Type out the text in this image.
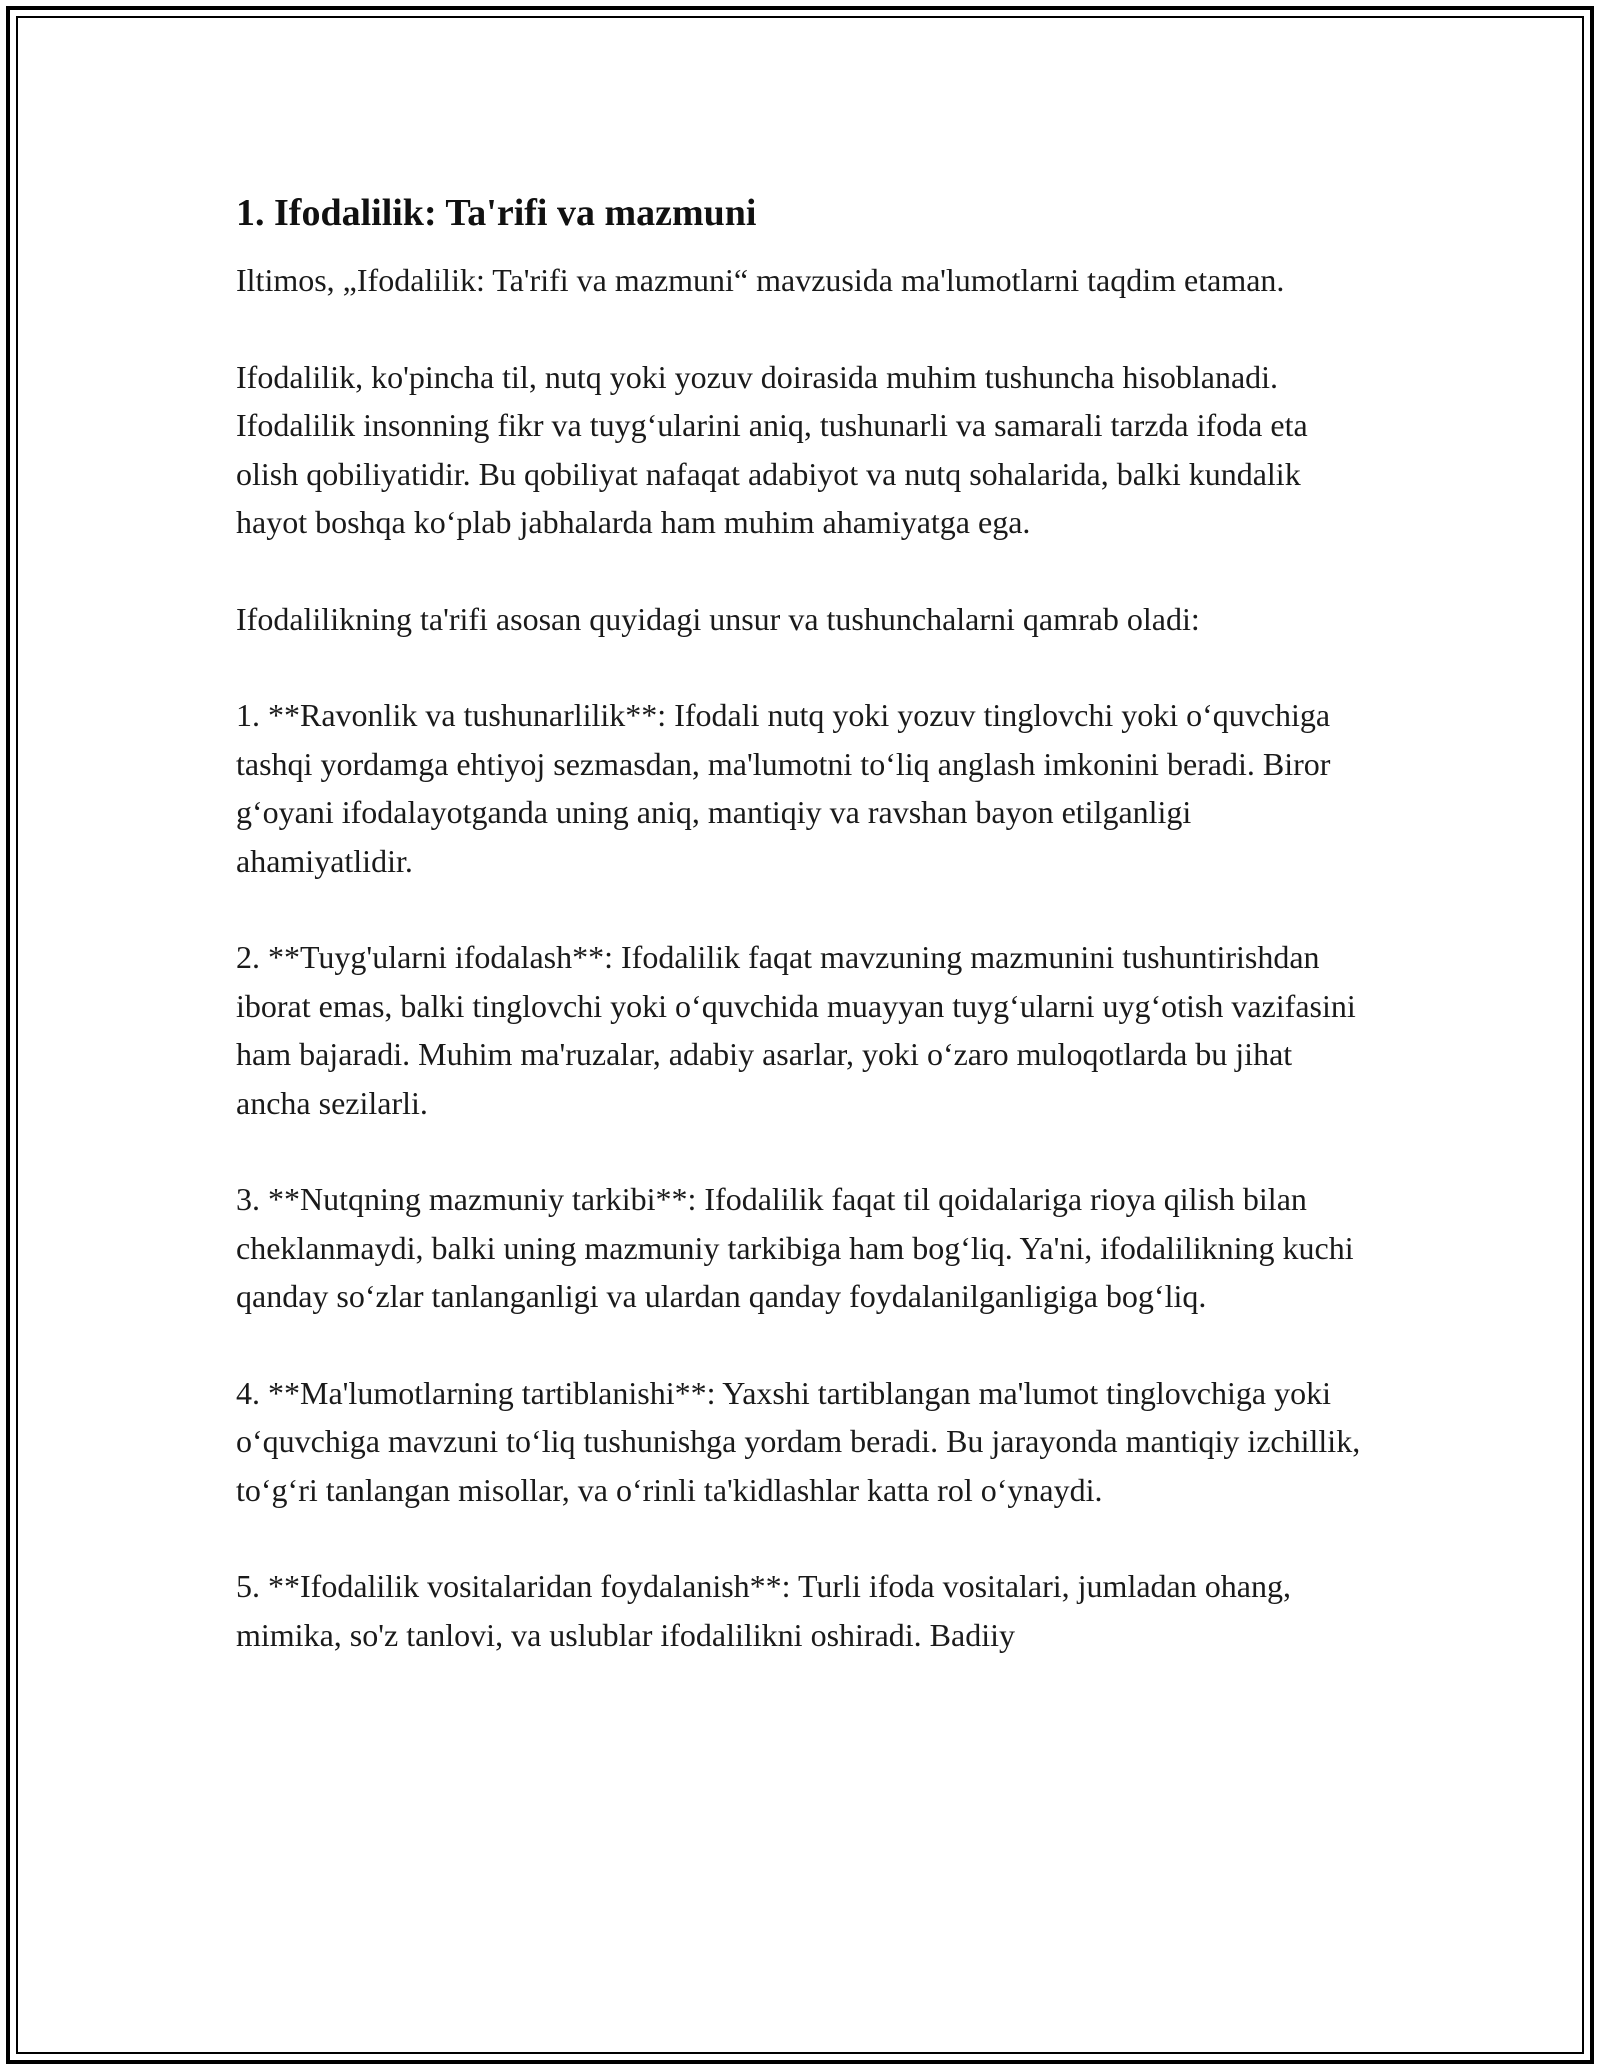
1. Ifodalilik: Ta'rifi va mazmuni

Iltimos, „Ifodalilik: Ta'rifi va mazmuni“ mavzusida ma'lumotlarni taqdim etaman.

Ifodalilik, ko'pincha til, nutq yoki yozuv doirasida muhim tushuncha hisoblanadi. Ifodalilik insonning fikr va tuygʻularini aniq, tushunarli va samarali tarzda ifoda eta olish qobiliyatidir. Bu qobiliyat nafaqat adabiyot va nutq sohalarida, balki kundalik hayot boshqa koʻplab jabhalarda ham muhim ahamiyatga ega.

Ifodalilikning ta'rifi asosan quyidagi unsur va tushunchalarni qamrab oladi:

1. **Ravonlik va tushunarlilik**: Ifodali nutq yoki yozuv tinglovchi yoki oʻquvchiga tashqi yordamga ehtiyoj sezmasdan, ma'lumotni toʻliq anglash imkonini beradi. Biror gʻoyani ifodalayotganda uning aniq, mantiqiy va ravshan bayon etilganligi ahamiyatlidir.

2. **Tuyg'ularni ifodalash**: Ifodalilik faqat mavzuning mazmunini tushuntirishdan iborat emas, balki tinglovchi yoki oʻquvchida muayyan tuygʻularni uygʻotish vazifasini ham bajaradi. Muhim ma'ruzalar, adabiy asarlar, yoki oʻzaro muloqotlarda bu jihat ancha sezilarli.

3. **Nutqning mazmuniy tarkibi**: Ifodalilik faqat til qoidalariga rioya qilish bilan cheklanmaydi, balki uning mazmuniy tarkibiga ham bogʻliq. Ya'ni, ifodalilikning kuchi qanday soʻzlar tanlanganligi va ulardan qanday foydalanilganligiga bogʻliq.

4. **Ma'lumotlarning tartiblanishi**: Yaxshi tartiblangan ma'lumot tinglovchiga yoki oʻquvchiga mavzuni toʻliq tushunishga yordam beradi. Bu jarayonda mantiqiy izchillik, toʻgʻri tanlangan misollar, va oʻrinli ta'kidlashlar katta rol oʻynaydi.

5. **Ifodalilik vositalaridan foydalanish**: Turli ifoda vositalari, jumladan ohang, mimika, so'z tanlovi, va uslublar ifodalilikni oshiradi. Badiiy
